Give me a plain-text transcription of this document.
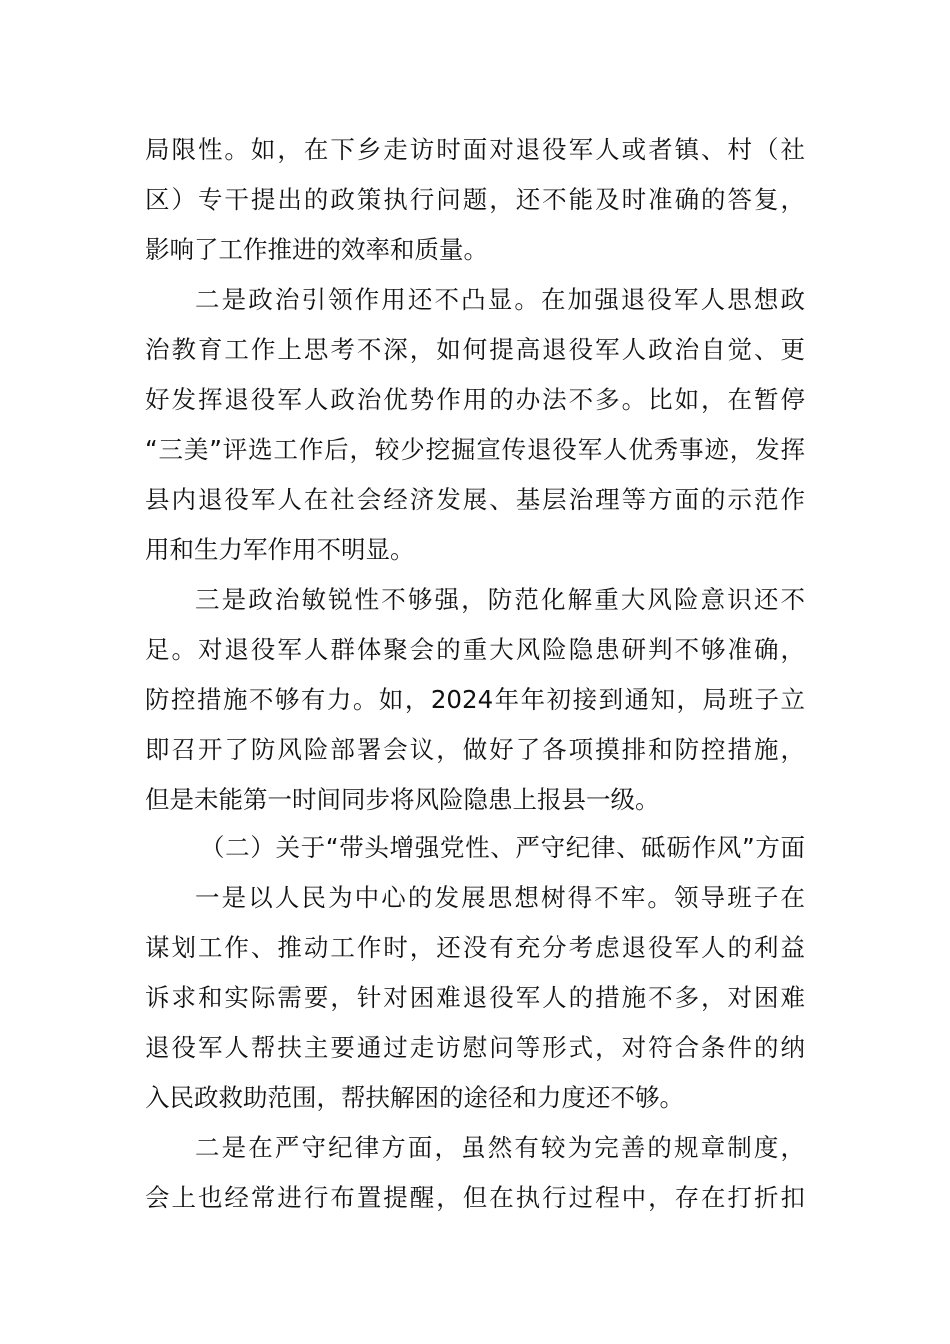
局限性。如，在下乡走访时面对退役军人或者镇、村（社
区）专干提出的政策执行问题，还不能及时准确的答复，
影响了工作推进的效率和质量。
二是政治引领作用还不凸显。在加强退役军人思想政
治教育工作上思考不深，如何提高退役军人政治自觉、更
好发挥退役军人政治优势作用的办法不多。比如，在暂停
“三美”评选工作后，较少挖掘宣传退役军人优秀事迹，发挥
县内退役军人在社会经济发展、基层治理等方面的示范作
用和生力军作用不明显。
三是政治敏锐性不够强，防范化解重大风险意识还不
足。对退役军人群体聚会的重大风险隐患研判不够准确，
防控措施不够有力。如，2024年年初接到通知，局班子立
即召开了防风险部署会议，做好了各项摸排和防控措施，
但是未能第一时间同步将风险隐患上报县一级。
（二）关于“带头增强党性、严守纪律、砥砺作风”方面
一是以人民为中心的发展思想树得不牢。领导班子在
谋划工作、推动工作时，还没有充分考虑退役军人的利益
诉求和实际需要，针对困难退役军人的措施不多，对困难
退役军人帮扶主要通过走访慰问等形式，对符合条件的纳
入民政救助范围，帮扶解困的途径和力度还不够。
二是在严守纪律方面，虽然有较为完善的规章制度，
会上也经常进行布置提醒，但在执行过程中，存在打折扣
